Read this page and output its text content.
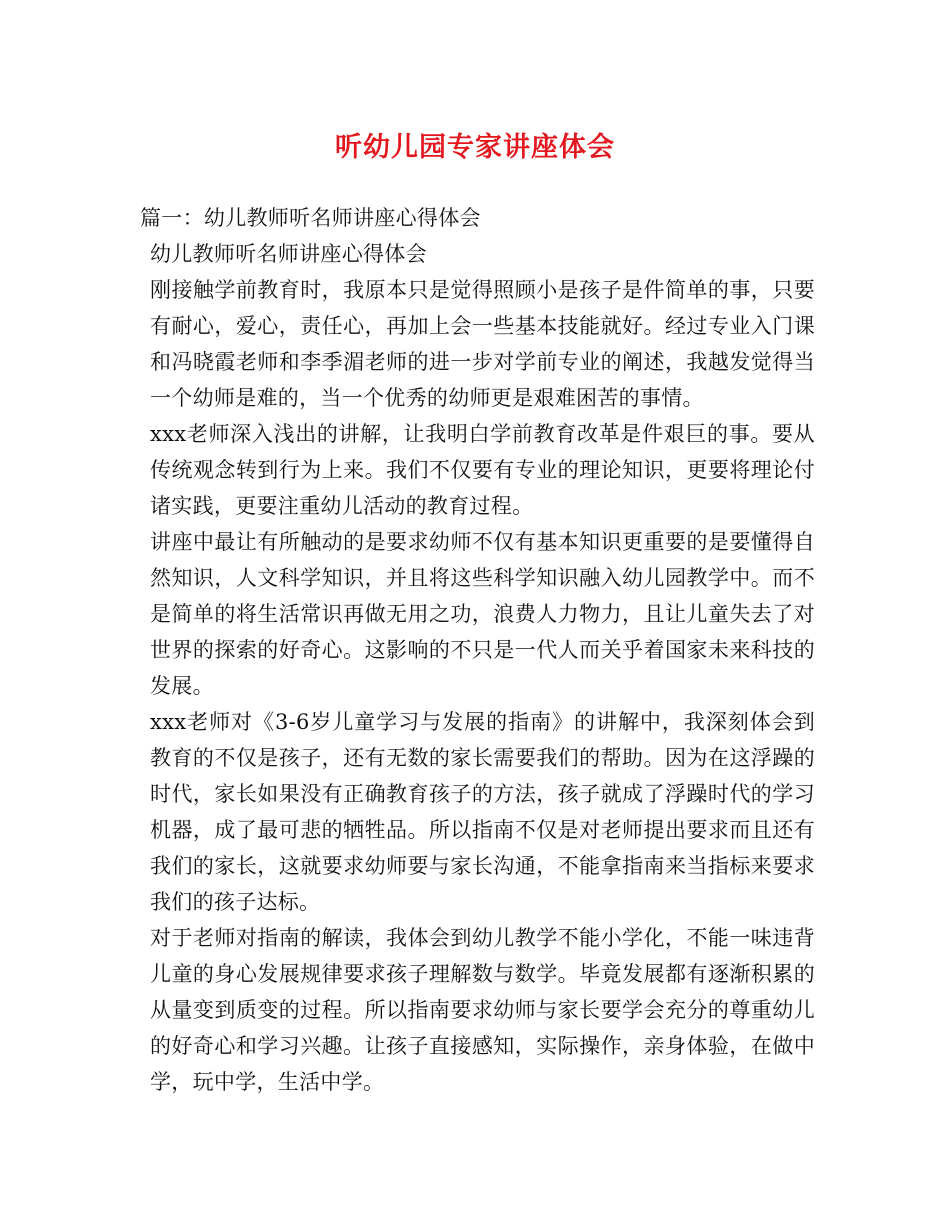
听幼儿园专家讲座体会

篇一：幼儿教师听名师讲座心得体会

幼儿教师听名师讲座心得体会

刚接触学前教育时，我原本只是觉得照顾小是孩子是件简单的事，只要有耐心，爱心，责任心，再加上会一些基本技能就好。经过专业入门课和冯晓霞老师和李季湄老师的进一步对学前专业的阐述，我越发觉得当一个幼师是难的，当一个优秀的幼师更是艰难困苦的事情。

xxx老师深入浅出的讲解，让我明白学前教育改革是件艰巨的事。要从传统观念转到行为上来。我们不仅要有专业的理论知识，更要将理论付诸实践，更要注重幼儿活动的教育过程。

讲座中最让有所触动的是要求幼师不仅有基本知识更重要的是要懂得自然知识，人文科学知识，并且将这些科学知识融入幼儿园教学中。而不是简单的将生活常识再做无用之功，浪费人力物力，且让儿童失去了对世界的探索的好奇心。这影响的不只是一代人而关乎着国家未来科技的发展。

xxx老师对《3-6岁儿童学习与发展的指南》的讲解中，我深刻体会到教育的不仅是孩子，还有无数的家长需要我们的帮助。因为在这浮躁的时代，家长如果没有正确教育孩子的方法，孩子就成了浮躁时代的学习机器，成了最可悲的牺牲品。所以指南不仅是对老师提出要求而且还有我们的家长，这就要求幼师要与家长沟通，不能拿指南来当指标来要求我们的孩子达标。

对于老师对指南的解读，我体会到幼儿教学不能小学化，不能一味违背儿童的身心发展规律要求孩子理解数与数学。毕竟发展都有逐渐积累的从量变到质变的过程。所以指南要求幼师与家长要学会充分的尊重幼儿的好奇心和学习兴趣。让孩子直接感知，实际操作，亲身体验，在做中学，玩中学，生活中学。
